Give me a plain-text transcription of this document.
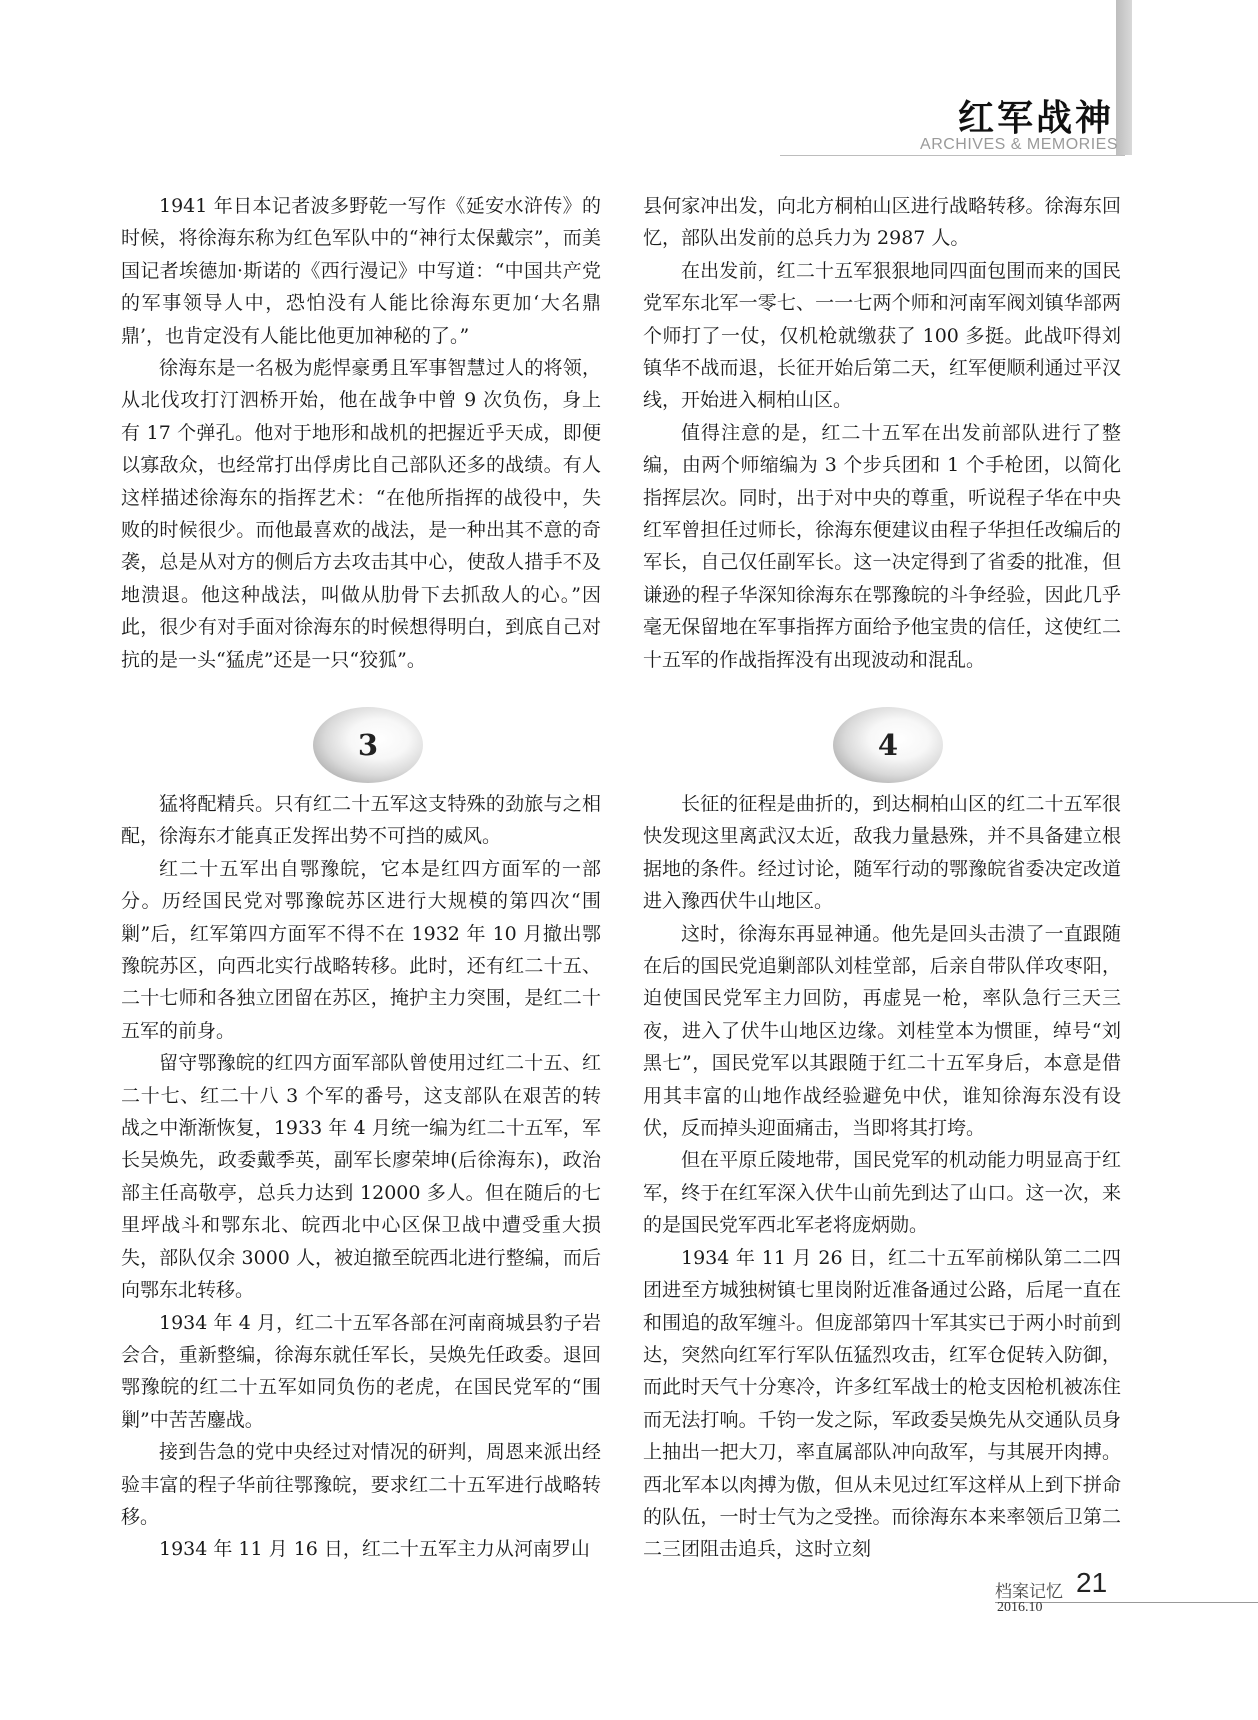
红军战神
ARCHIVES & MEMORIES

1941 年日本记者波多野乾一写作《延安水浒传》的时候，将徐海东称为红色军队中的“神行太保戴宗”，而美国记者埃德加·斯诺的《西行漫记》中写道：“中国共产党的军事领导人中，恐怕没有人能比徐海东更加‘大名鼎鼎’，也肯定没有人能比他更加神秘的了。”

徐海东是一名极为彪悍豪勇且军事智慧过人的将领，从北伐攻打汀泗桥开始，他在战争中曾 9 次负伤，身上有 17 个弹孔。他对于地形和战机的把握近乎天成，即便以寡敌众，也经常打出俘虏比自己部队还多的战绩。有人这样描述徐海东的指挥艺术：“在他所指挥的战役中，失败的时候很少。而他最喜欢的战法，是一种出其不意的奇袭，总是从对方的侧后方去攻击其中心，使敌人措手不及地溃退。他这种战法，叫做从肋骨下去抓敌人的心。”因此，很少有对手面对徐海东的时候想得明白，到底自己对抗的是一头“猛虎”还是一只“狡狐”。

县何家冲出发，向北方桐柏山区进行战略转移。徐海东回忆，部队出发前的总兵力为 2987 人。

在出发前，红二十五军狠狠地同四面包围而来的国民党军东北军一零七、一一七两个师和河南军阀刘镇华部两个师打了一仗，仅机枪就缴获了 100 多挺。此战吓得刘镇华不战而退，长征开始后第二天，红军便顺利通过平汉线，开始进入桐柏山区。

值得注意的是，红二十五军在出发前部队进行了整编，由两个师缩编为 3 个步兵团和 1 个手枪团，以简化指挥层次。同时，出于对中央的尊重，听说程子华在中央红军曾担任过师长，徐海东便建议由程子华担任改编后的军长，自己仅任副军长。这一决定得到了省委的批准，但谦逊的程子华深知徐海东在鄂豫皖的斗争经验，因此几乎毫无保留地在军事指挥方面给予他宝贵的信任，这使红二十五军的作战指挥没有出现波动和混乱。

3	4

猛将配精兵。只有红二十五军这支特殊的劲旅与之相配，徐海东才能真正发挥出势不可挡的威风。

红二十五军出自鄂豫皖，它本是红四方面军的一部分。历经国民党对鄂豫皖苏区进行大规模的第四次“围剿”后，红军第四方面军不得不在 1932 年 10 月撤出鄂豫皖苏区，向西北实行战略转移。此时，还有红二十五、二十七师和各独立团留在苏区，掩护主力突围，是红二十五军的前身。

留守鄂豫皖的红四方面军部队曾使用过红二十五、红二十七、红二十八 3 个军的番号，这支部队在艰苦的转战之中渐渐恢复，1933 年 4 月统一编为红二十五军，军长吴焕先，政委戴季英，副军长廖荣坤(后徐海东)，政治部主任高敬亭，总兵力达到 12000 多人。但在随后的七里坪战斗和鄂东北、皖西北中心区保卫战中遭受重大损失，部队仅余 3000 人，被迫撤至皖西北进行整编，而后向鄂东北转移。

1934 年 4 月，红二十五军各部在河南商城县豹子岩会合，重新整编，徐海东就任军长，吴焕先任政委。退回鄂豫皖的红二十五军如同负伤的老虎，在国民党军的“围剿”中苦苦鏖战。

接到告急的党中央经过对情况的研判，周恩来派出经验丰富的程子华前往鄂豫皖，要求红二十五军进行战略转移。

1934 年 11 月 16 日，红二十五军主力从河南罗山

长征的征程是曲折的，到达桐柏山区的红二十五军很快发现这里离武汉太近，敌我力量悬殊，并不具备建立根据地的条件。经过讨论，随军行动的鄂豫皖省委决定改道进入豫西伏牛山地区。

这时，徐海东再显神通。他先是回头击溃了一直跟随在后的国民党追剿部队刘桂堂部，后亲自带队佯攻枣阳，迫使国民党军主力回防，再虚晃一枪，率队急行三天三夜，进入了伏牛山地区边缘。刘桂堂本为惯匪，绰号“刘黑七”，国民党军以其跟随于红二十五军身后，本意是借用其丰富的山地作战经验避免中伏，谁知徐海东没有设伏，反而掉头迎面痛击，当即将其打垮。

但在平原丘陵地带，国民党军的机动能力明显高于红军，终于在红军深入伏牛山前先到达了山口。这一次，来的是国民党军西北军老将庞炳勋。

1934 年 11 月 26 日，红二十五军前梯队第二二四团进至方城独树镇七里岗附近准备通过公路，后尾一直在和围追的敌军缠斗。但庞部第四十军其实已于两小时前到达，突然向红军行军队伍猛烈攻击，红军仓促转入防御，而此时天气十分寒冷，许多红军战士的枪支因枪机被冻住而无法打响。千钧一发之际，军政委吴焕先从交通队员身上抽出一把大刀，率直属部队冲向敌军，与其展开肉搏。西北军本以肉搏为傲，但从未见过红军这样从上到下拼命的队伍，一时士气为之受挫。而徐海东本来率领后卫第二二三团阻击追兵，这时立刻

档案记忆 21
2016.10
